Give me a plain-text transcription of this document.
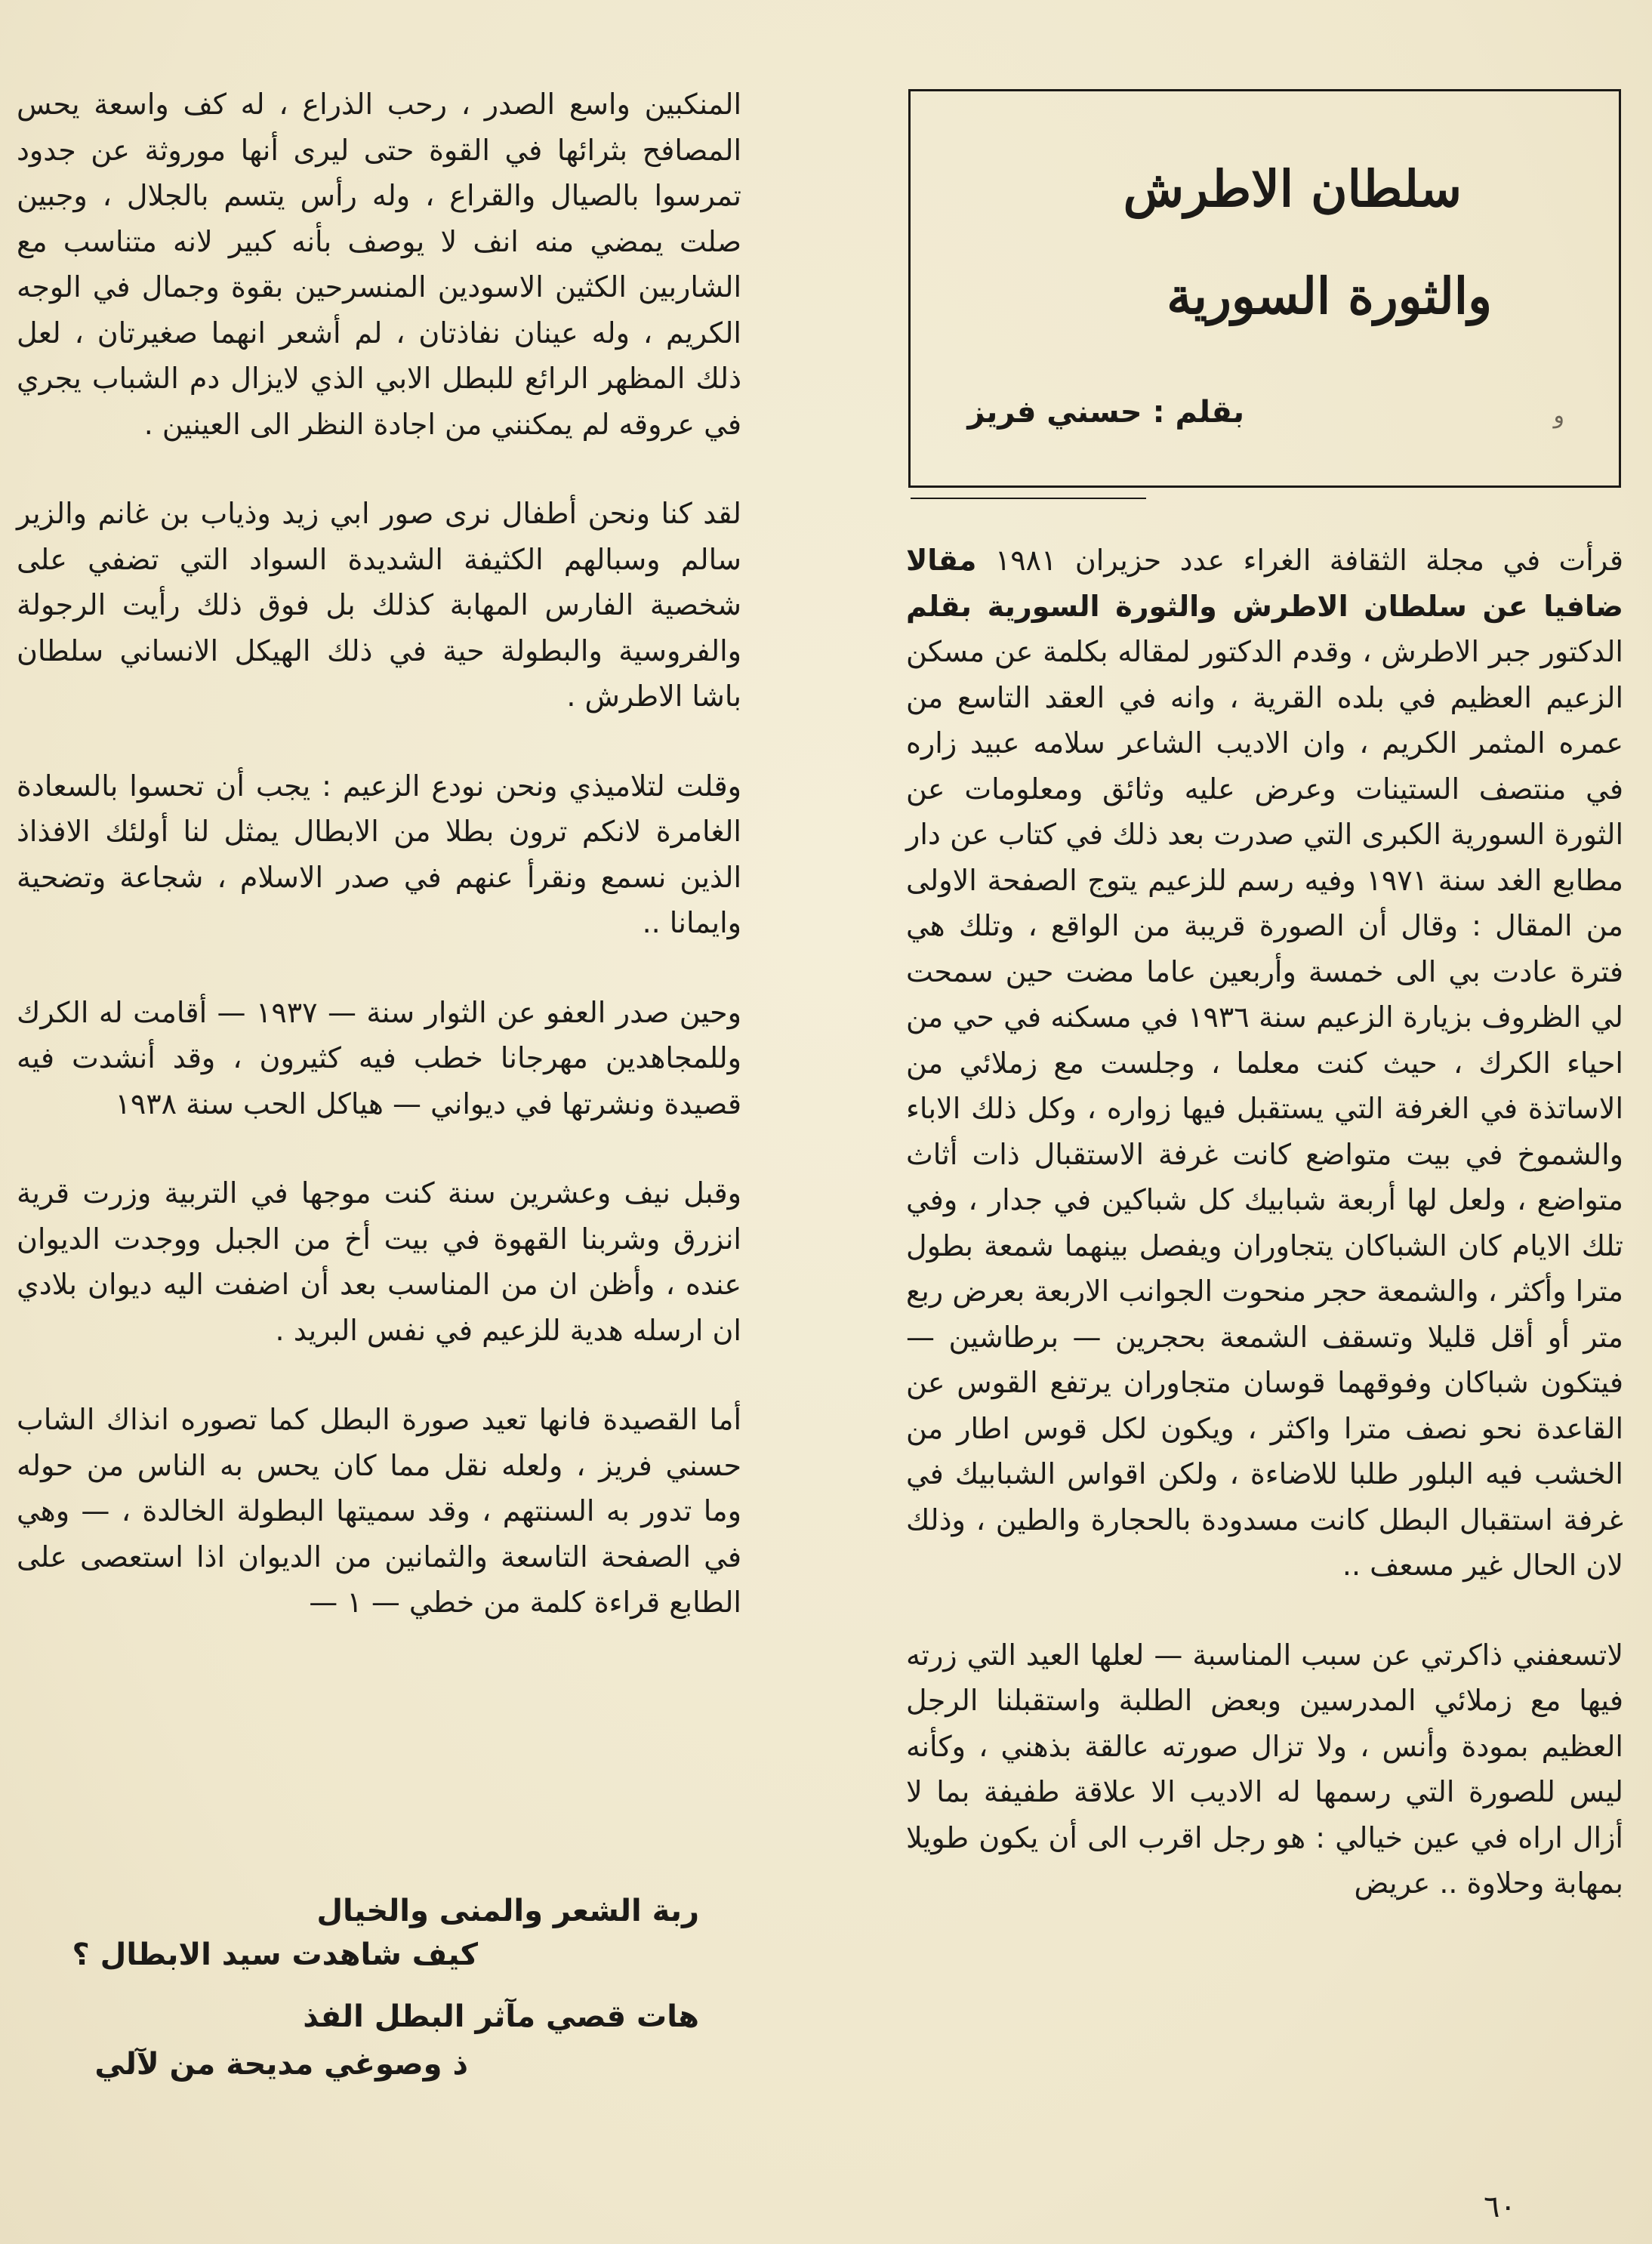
سلطان الاطرش
والثورة السورية
بقلم : حسني فريز	و

قرأت في مجلة الثقافة الغراء عدد حزيران ١٩٨١ مقالا ضافيا عن سلطان الاطرش والثورة السورية بقلم الدكتور جبر الاطرش ، وقدم الدكتور لمقاله بكلمة عن مسكن الزعيم العظيم في بلده القرية ، وانه في العقد التاسع من عمره المثمر الكريم ، وان الاديب الشاعر سلامه عبيد زاره في منتصف الستينات وعرض عليه وثائق ومعلومات عن الثورة السورية الكبرى التي صدرت بعد ذلك في كتاب عن دار مطابع الغد سنة ١٩٧١ وفيه رسم للزعيم يتوج الصفحة الاولى من المقال : وقال أن الصورة قريبة من الواقع ، وتلك هي فترة عادت بي الى خمسة وأربعين عاما مضت حين سمحت لي الظروف بزيارة الزعيم سنة ١٩٣٦ في مسكنه في حي من احياء الكرك ، حيث كنت معلما ، وجلست مع زملائي من الاساتذة في الغرفة التي يستقبل فيها زواره ، وكل ذلك الاباء والشموخ في بيت متواضع كانت غرفة الاستقبال ذات أثاث متواضع ، ولعل لها أربعة شبابيك كل شباكين في جدار ، وفي تلك الايام كان الشباكان يتجاوران ويفصل بينهما شمعة بطول مترا وأكثر ، والشمعة حجر منحوت الجوانب الاربعة بعرض ربع متر أو أقل قليلا وتسقف الشمعة بحجرين — برطاشين — فيتكون شباكان وفوقهما قوسان متجاوران يرتفع القوس عن القاعدة نحو نصف مترا واكثر ، ويكون لكل قوس اطار من الخشب فيه البلور طلبا للاضاءة ، ولكن اقواس الشبابيك في غرفة استقبال البطل كانت مسدودة بالحجارة والطين ، وذلك لان الحال غير مسعف ..

لاتسعفني ذاكرتي عن سبب المناسبة — لعلها العيد التي زرته فيها مع زملائي المدرسين وبعض الطلبة واستقبلنا الرجل العظيم بمودة وأنس ، ولا تزال صورته عالقة بذهني ، وكأنه ليس للصورة التي رسمها له الاديب الا علاقة طفيفة بما لا أزال اراه في عين خيالي : هو رجل اقرب الى أن يكون طويلا بمهابة وحلاوة .. عريض

المنكبين واسع الصدر ، رحب الذراع ، له كف واسعة يحس المصافح بثرائها في القوة حتى ليرى أنها موروثة عن جدود تمرسوا بالصيال والقراع ، وله رأس يتسم بالجلال ، وجبين صلت يمضي منه انف لا يوصف بأنه كبير لانه متناسب مع الشاربين الكثين الاسودين المنسرحين بقوة وجمال في الوجه الكريم ، وله عينان نفاذتان ، لم أشعر انهما صغيرتان ، لعل ذلك المظهر الرائع للبطل الابي الذي لايزال دم الشباب يجري في عروقه لم يمكنني من اجادة النظر الى العينين .

لقد كنا ونحن أطفال نرى صور ابي زيد وذياب بن غانم والزير سالم وسبالهم الكثيفة الشديدة السواد التي تضفي على شخصية الفارس المهابة كذلك بل فوق ذلك رأيت الرجولة والفروسية والبطولة حية في ذلك الهيكل الانساني سلطان باشا الاطرش .

وقلت لتلاميذي ونحن نودع الزعيم : يجب أن تحسوا بالسعادة الغامرة لانكم ترون بطلا من الابطال يمثل لنا أولئك الافذاذ الذين نسمع ونقرأ عنهم في صدر الاسلام ، شجاعة وتضحية وايمانا ..

وحين صدر العفو عن الثوار سنة — ١٩٣٧ — أقامت له الكرك وللمجاهدين مهرجانا خطب فيه كثيرون ، وقد أنشدت فيه قصيدة ونشرتها في ديواني — هياكل الحب سنة ١٩٣٨

وقبل نيف وعشرين سنة كنت موجها في التربية وزرت قرية انزرق وشربنا القهوة في بيت أخ من الجبل ووجدت الديوان عنده ، وأظن ان من المناسب بعد أن اضفت اليه ديوان بلادي ان ارسله هدية للزعيم في نفس البريد .

أما القصيدة فانها تعيد صورة البطل كما تصوره انذاك الشاب حسني فريز ، ولعله نقل مما كان يحس به الناس من حوله وما تدور به السنتهم ، وقد سميتها البطولة الخالدة ، — وهي في الصفحة التاسعة والثمانين من الديوان اذا استعصى على الطابع قراءة كلمة من خطي — ١ —

ربة الشعر والمنى والخيال
كيف شاهدت سيد الابطال ؟
هات قصي مآثر البطل الفذ
ذ وصوغي مديحة من لآلي
٦٠
